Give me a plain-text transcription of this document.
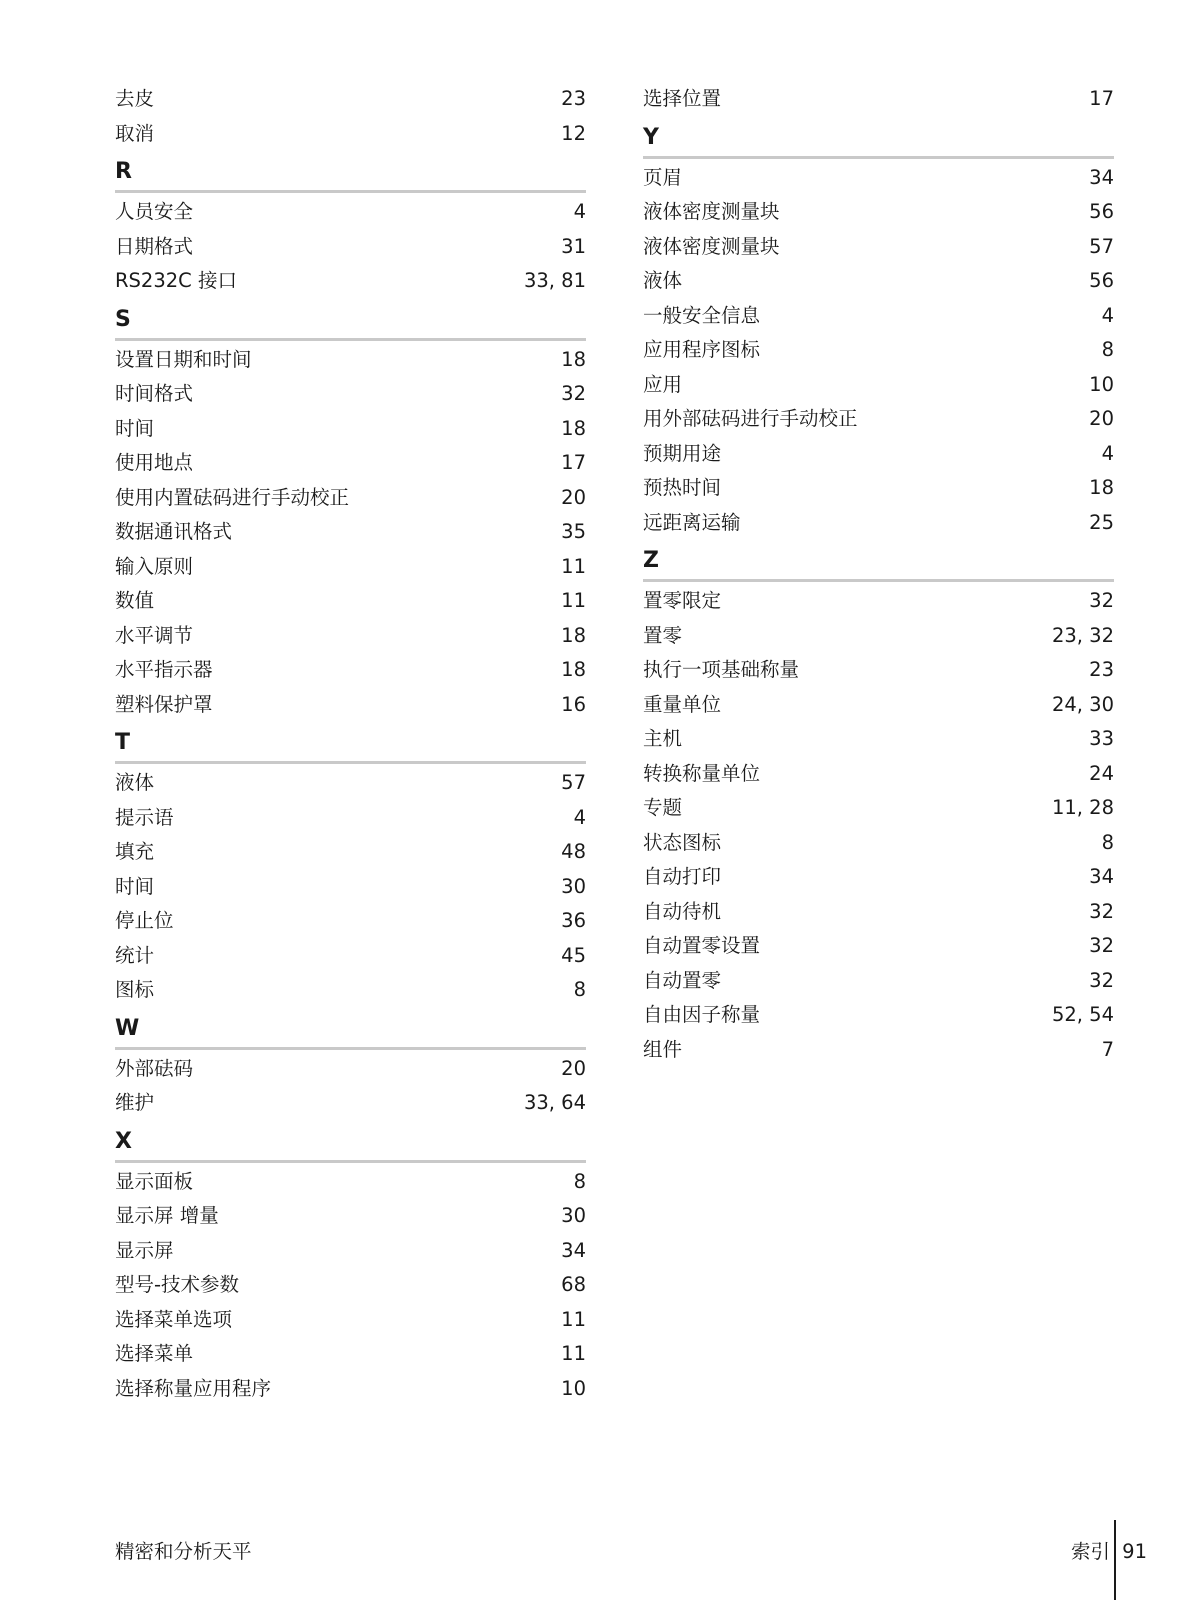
去皮	23
取消	12
R
人员安全	4
日期格式	31
RS232C 接口	33, 81
S
设置日期和时间	18
时间格式	32
时间	18
使用地点	17
使用内置砝码进行手动校正	20
数据通讯格式	35
输入原则	11
数值	11
水平调节	18
水平指示器	18
塑料保护罩	16
T
液体	57
提示语	4
填充	48
时间	30
停止位	36
统计	45
图标	8
W
外部砝码	20
维护	33, 64
X
显示面板	8
显示屏 增量	30
显示屏	34
型号-技术参数	68
选择菜单选项	11
选择菜单	11
选择称量应用程序	10
选择位置	17
Y
页眉	34
液体密度测量块	56
液体密度测量块	57
液体	56
一般安全信息	4
应用程序图标	8
应用	10
用外部砝码进行手动校正	20
预期用途	4
预热时间	18
远距离运输	25
Z
置零限定	32
置零	23, 32
执行一项基础称量	23
重量单位	24, 30
主机	33
转换称量单位	24
专题	11, 28
状态图标	8
自动打印	34
自动待机	32
自动置零设置	32
自动置零	32
自由因子称量	52, 54
组件	7
精密和分析天平	索引 91
